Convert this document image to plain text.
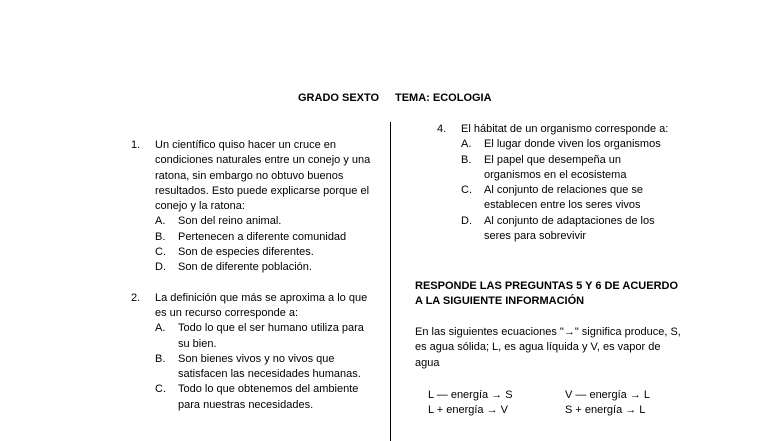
GRADO SEXTO TEMA: ECOLOGIA
1.	Un científico quiso hacer un cruce en condiciones naturales entre un conejo y una ratona, sin embargo no obtuvo buenos resultados. Esto puede explicarse porque el conejo y la ratona:
A.	Son del reino animal.
B.	Pertenecen a diferente comunidad
C.	Son de especies diferentes.
D.	Son de diferente población.
2.	La definición que más se aproxima a lo que es un recurso corresponde a:
A.	Todo lo que el ser humano utiliza para su bien.
B.	Son bienes vivos y no vivos que satisfacen las necesidades humanas.
C.	Todo lo que obtenemos del ambiente para nuestras necesidades.
4.	El hábitat de un organismo corresponde a:
A.	El lugar donde viven los organismos
B.	El papel que desempeña un organismos en el ecosistema
C.	Al conjunto de relaciones que se establecen entre los seres vivos
D.	Al conjunto de adaptaciones de los seres para sobrevivir
RESPONDE LAS PREGUNTAS 5 Y 6 DE ACUERDO A LA SIGUIENTE INFORMACIÓN
En las siguientes ecuaciones "→" significa produce, S, es agua sólida; L, es agua líquida y V, es vapor de agua
L — energía → S	V — energía → L
L + energía → V	S + energía → L
